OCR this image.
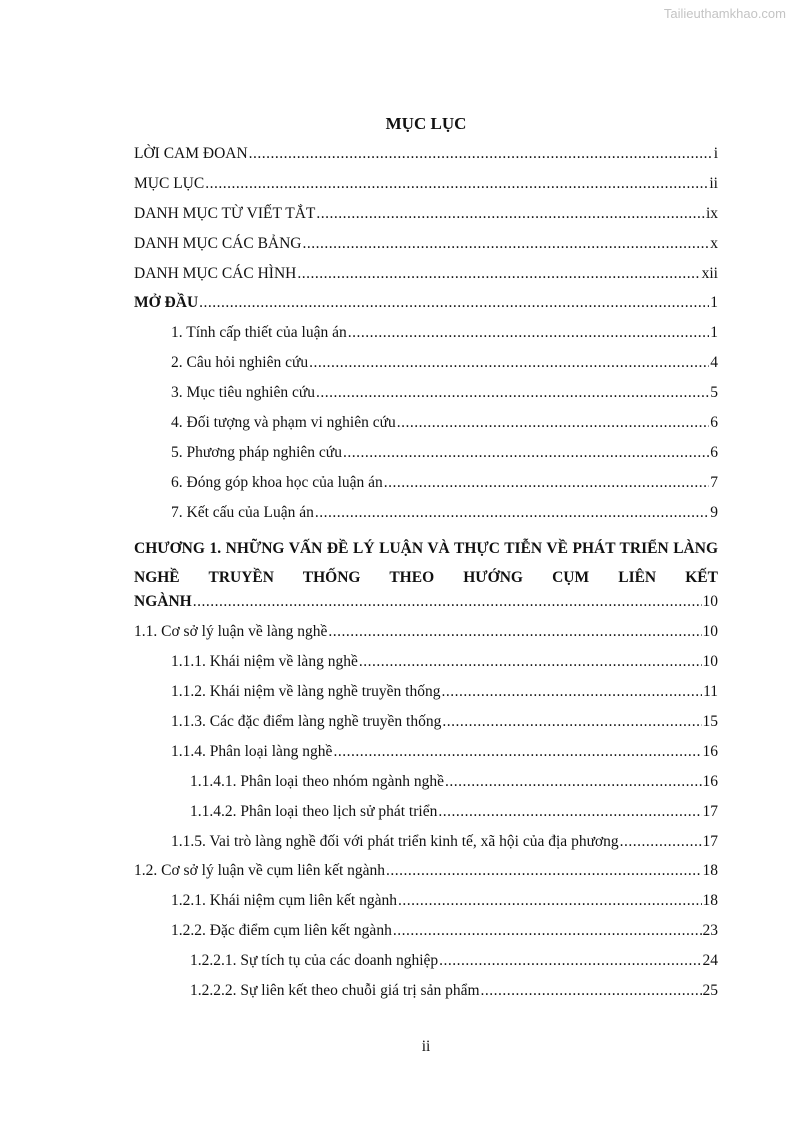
Tailieuthamkhao.com
MỤC LỤC
LỜI CAM ĐOAN .....	i
MỤC LỤC .....	ii
DANH MỤC TỪ VIẾT TẮT .....	ix
DANH MỤC CÁC BẢNG .....	x
DANH MỤC CÁC HÌNH .....	xii
MỞ ĐẦU .....	1
1. Tính cấp thiết của luận án .....	1
2. Câu hỏi nghiên cứu .....	4
3. Mục tiêu nghiên cứu .....	5
4. Đối tượng và phạm vi nghiên cứu .....	6
5. Phương pháp nghiên cứu .....	6
6. Đóng góp khoa học của luận án .....	7
7. Kết cấu của Luận án .....	9
CHƯƠNG 1. NHỮNG VẤN ĐỀ LÝ LUẬN VÀ THỰC TIỄN VỀ PHÁT TRIỂN LÀNG NGHỀ TRUYỀN THỐNG THEO HƯỚNG CỤM LIÊN KẾT
NGÀNH .....	10
1.1. Cơ sở lý luận về làng nghề .....	10
1.1.1. Khái niệm về làng nghề .....	10
1.1.2. Khái niệm về làng nghề truyền thống .....	11
1.1.3. Các đặc điểm làng nghề truyền thống .....	15
1.1.4. Phân loại làng nghề .....	16
1.1.4.1. Phân loại theo nhóm ngành nghề .....	16
1.1.4.2. Phân loại theo lịch sử phát triển .....	17
1.1.5. Vai trò làng nghề đối với phát triển kinh tế, xã hội của địa phương .....	17
1.2. Cơ sở lý luận về cụm liên kết ngành .....	18
1.2.1. Khái niệm cụm liên kết ngành .....	18
1.2.2. Đặc điểm cụm liên kết ngành .....	23
1.2.2.1. Sự tích tụ của các doanh nghiệp .....	24
1.2.2.2. Sự liên kết theo chuỗi giá trị sản phẩm .....	25
ii
